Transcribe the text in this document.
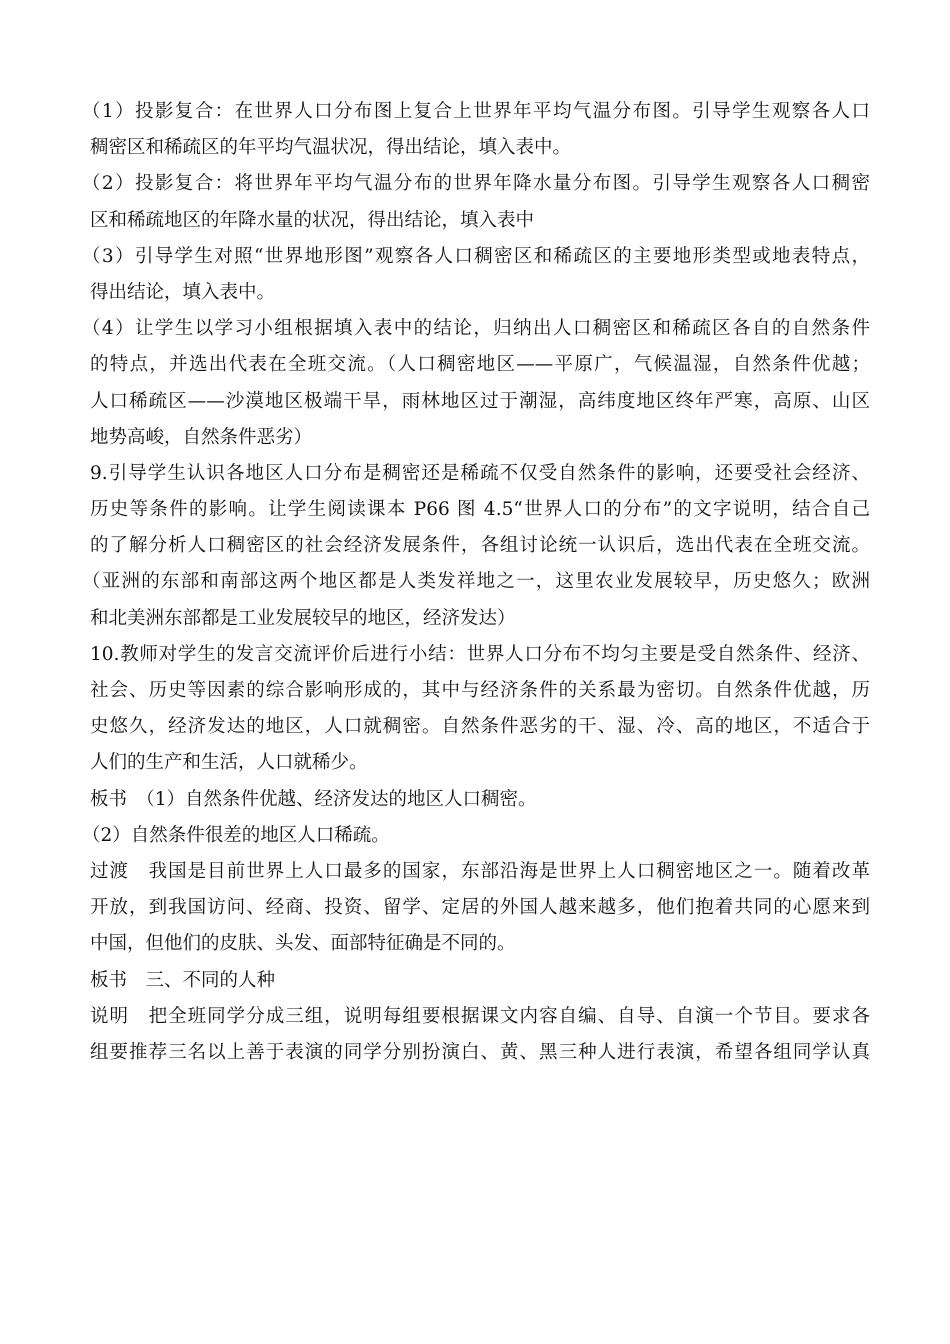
（1）投影复合：在世界人口分布图上复合上世界年平均气温分布图。引导学生观察各人口
稠密区和稀疏区的年平均气温状况，得出结论，填入表中。
（2）投影复合：将世界年平均气温分布的世界年降水量分布图。引导学生观察各人口稠密
区和稀疏地区的年降水量的状况，得出结论，填入表中
（3）引导学生对照“世界地形图”观察各人口稠密区和稀疏区的主要地形类型或地表特点，
得出结论，填入表中。
（4）让学生以学习小组根据填入表中的结论，归纳出人口稠密区和稀疏区各自的自然条件
的特点，并选出代表在全班交流。（人口稠密地区——平原广，气候温湿，自然条件优越；
人口稀疏区——沙漠地区极端干旱，雨林地区过于潮湿，高纬度地区终年严寒，高原、山区
地势高峻，自然条件恶劣）
9.引导学生认识各地区人口分布是稠密还是稀疏不仅受自然条件的影响，还要受社会经济、
历史等条件的影响。让学生阅读课本 P66 图 4.5“世界人口的分布”的文字说明，结合自己
的了解分析人口稠密区的社会经济发展条件，各组讨论统一认识后，选出代表在全班交流。
（亚洲的东部和南部这两个地区都是人类发祥地之一，这里农业发展较早，历史悠久；欧洲
和北美洲东部都是工业发展较早的地区，经济发达）
10.教师对学生的发言交流评价后进行小结：世界人口分布不均匀主要是受自然条件、经济、
社会、历史等因素的综合影响形成的，其中与经济条件的关系最为密切。自然条件优越，历
史悠久，经济发达的地区，人口就稠密。自然条件恶劣的干、湿、冷、高的地区，不适合于
人们的生产和生活，人口就稀少。
板书　（1）自然条件优越、经济发达的地区人口稠密。
（2）自然条件很差的地区人口稀疏。
过渡　我国是目前世界上人口最多的国家，东部沿海是世界上人口稠密地区之一。随着改革
开放，到我国访问、经商、投资、留学、定居的外国人越来越多，他们抱着共同的心愿来到
中国，但他们的皮肤、头发、面部特征确是不同的。
板书　三、不同的人种
说明　把全班同学分成三组，说明每组要根据课文内容自编、自导、自演一个节目。要求各
组要推荐三名以上善于表演的同学分别扮演白、黄、黑三种人进行表演，希望各组同学认真
